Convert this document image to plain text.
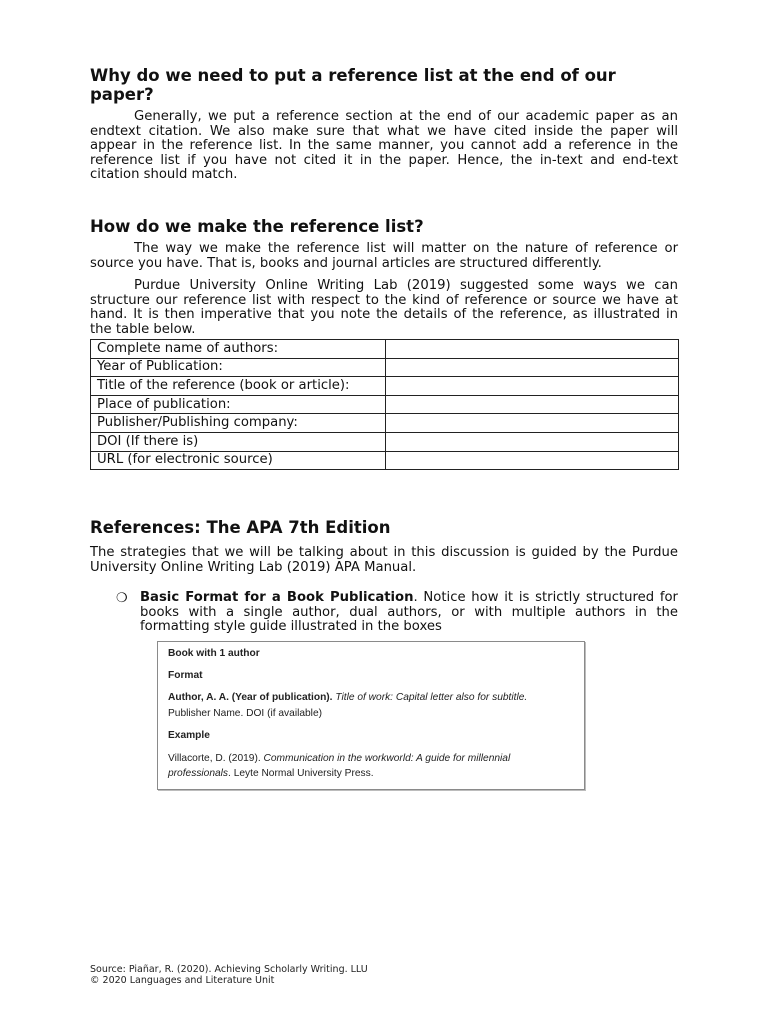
Why do we need to put a reference list at the end of our paper?

Generally, we put a reference section at the end of our academic paper as an endtext citation. We also make sure that what we have cited inside the paper will appear in the reference list. In the same manner, you cannot add a reference in the reference list if you have not cited it in the paper. Hence, the in-text and end-text citation should match.

How do we make the reference list?

The way we make the reference list will matter on the nature of reference or source you have. That is, books and journal articles are structured differently.

Purdue University Online Writing Lab (2019) suggested some ways we can structure our reference list with respect to the kind of reference or source we have at hand. It is then imperative that you note the details of the reference, as illustrated in the table below.

Complete name of authors:	
Year of Publication:	
Title of the reference (book or article):	
Place of publication:	
Publisher/Publishing company:	
DOI (If there is)	
URL (for electronic source)	
References: The APA 7th Edition

The strategies that we will be talking about in this discussion is guided by the Purdue University Online Writing Lab (2019) APA Manual.

❍ Basic Format for a Book Publication. Notice how it is strictly structured for books with a single author, dual authors, or with multiple authors in the formatting style guide illustrated in the boxes

Book with 1 author
Format
Author, A. A. (Year of publication). Title of work: Capital letter also for subtitle.
Publisher Name. DOI (if available)
Example
Villacorte, D. (2019). Communication in the workworld: A guide for millennial
professionals. Leyte Normal University Press.
Source: Piañar, R. (2020). Achieving Scholarly Writing. LLU
© 2020 Languages and Literature Unit
